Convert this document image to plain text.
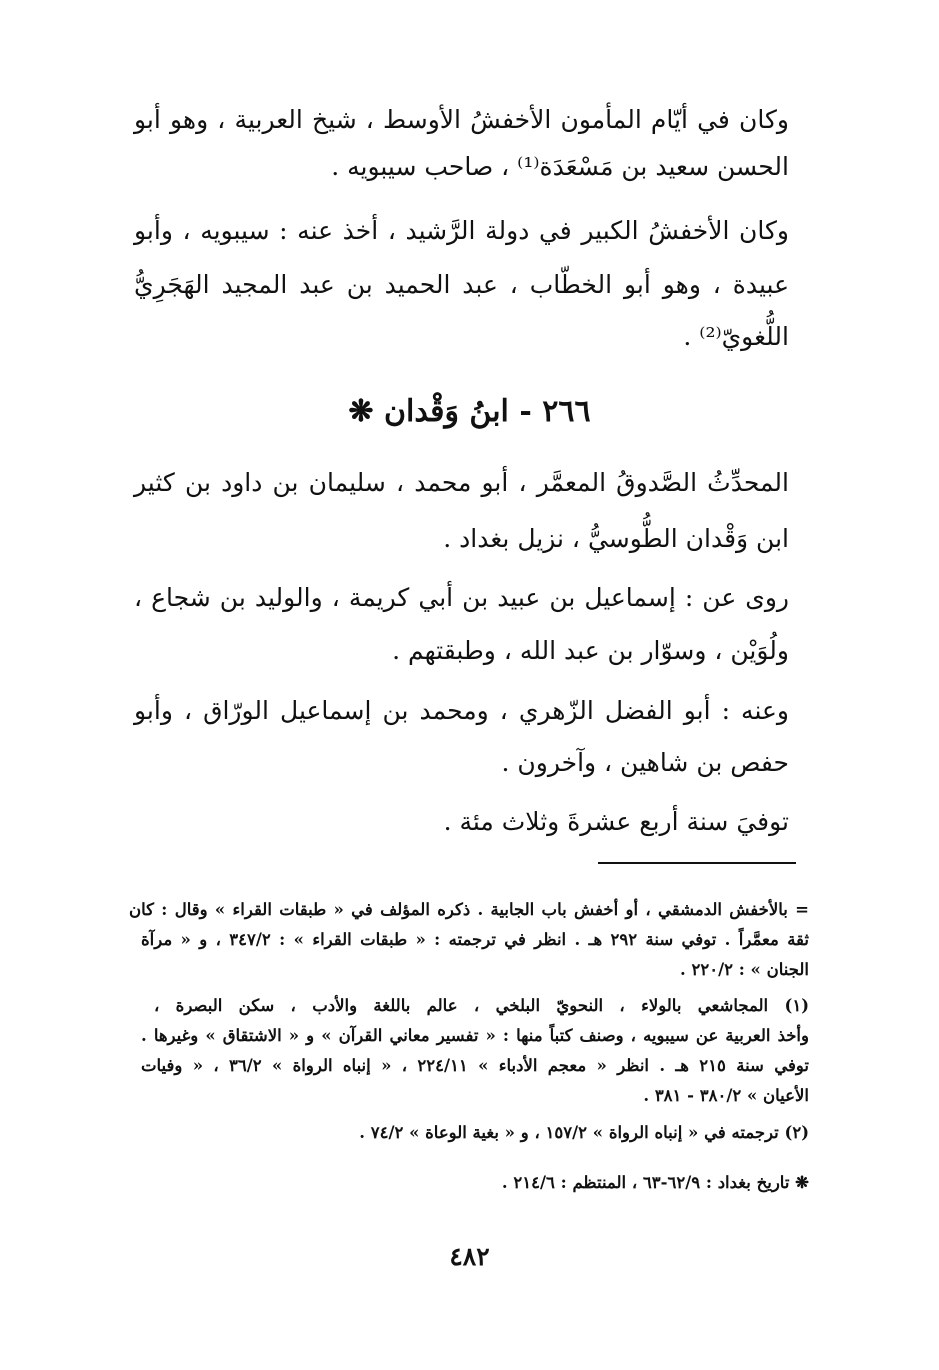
وكان في أيّام المأمون الأخفشُ الأوسط ، شيخ العربية ، وهو أبو
الحسن سعيد بن مَسْعَدَة⁽¹⁾ ، صاحب سيبويه .
وكان الأخفشُ الكبير في دولة الرَّشيد ، أخذ عنه : سيبويه ، وأبو
عبيدة ، وهو أبو الخطّاب ، عبد الحميد بن عبد المجيد الهَجَرِيُّ
اللُّغويّ⁽²⁾ .
٢٦٦ - ابنُ وَقْدان ❋
المحدِّثُ الصَّدوقُ المعمَّر ، أبو محمد ، سليمان بن داود بن كثير
ابن وَقْدان الطُّوسيُّ ، نزيل بغداد .
روى عن : إسماعيل بن عبيد بن أبي كريمة ، والوليد بن شجاع ،
ولُوَيْن ، وسوّار بن عبد الله ، وطبقتهم .
وعنه : أبو الفضل الزّهري ، ومحمد بن إسماعيل الورّاق ، وأبو
حفص بن شاهين ، وآخرون .
توفيَ سنة أربع عشرةَ وثلاث مئة .
= بالأخفش الدمشقي ، أو أخفش باب الجابية . ذكره المؤلف في « طبقات القراء » وقال : كان
ثقة معمَّراً . توفي سنة ٢٩٢ هـ . انظر في ترجمته : « طبقات القراء » : ٣٤٧/٢ ، و « مرآة
الجنان » : ٢٢٠/٢ .
(١) المجاشعي بالولاء ، النحويّ البلخي ، عالم باللغة والأدب ، سكن البصرة ،
وأخذ العربية عن سيبويه ، وصنف كتباً منها : « تفسير معاني القرآن » و « الاشتقاق » وغيرها .
توفي سنة ٢١٥ هـ . انظر « معجم الأدباء » ٢٢٤/١١ ، « إنباه الرواة » ٣٦/٢ ، « وفيات
الأعيان » ٣٨٠/٢ - ٣٨١ .
(٢) ترجمته في « إنباه الرواة » ١٥٧/٢ ، و « بغية الوعاة » ٧٤/٢ .
❋ تاريخ بغداد : ٦٢/٩-٦٣ ، المنتظم : ٢١٤/٦ .
٤٨٢
